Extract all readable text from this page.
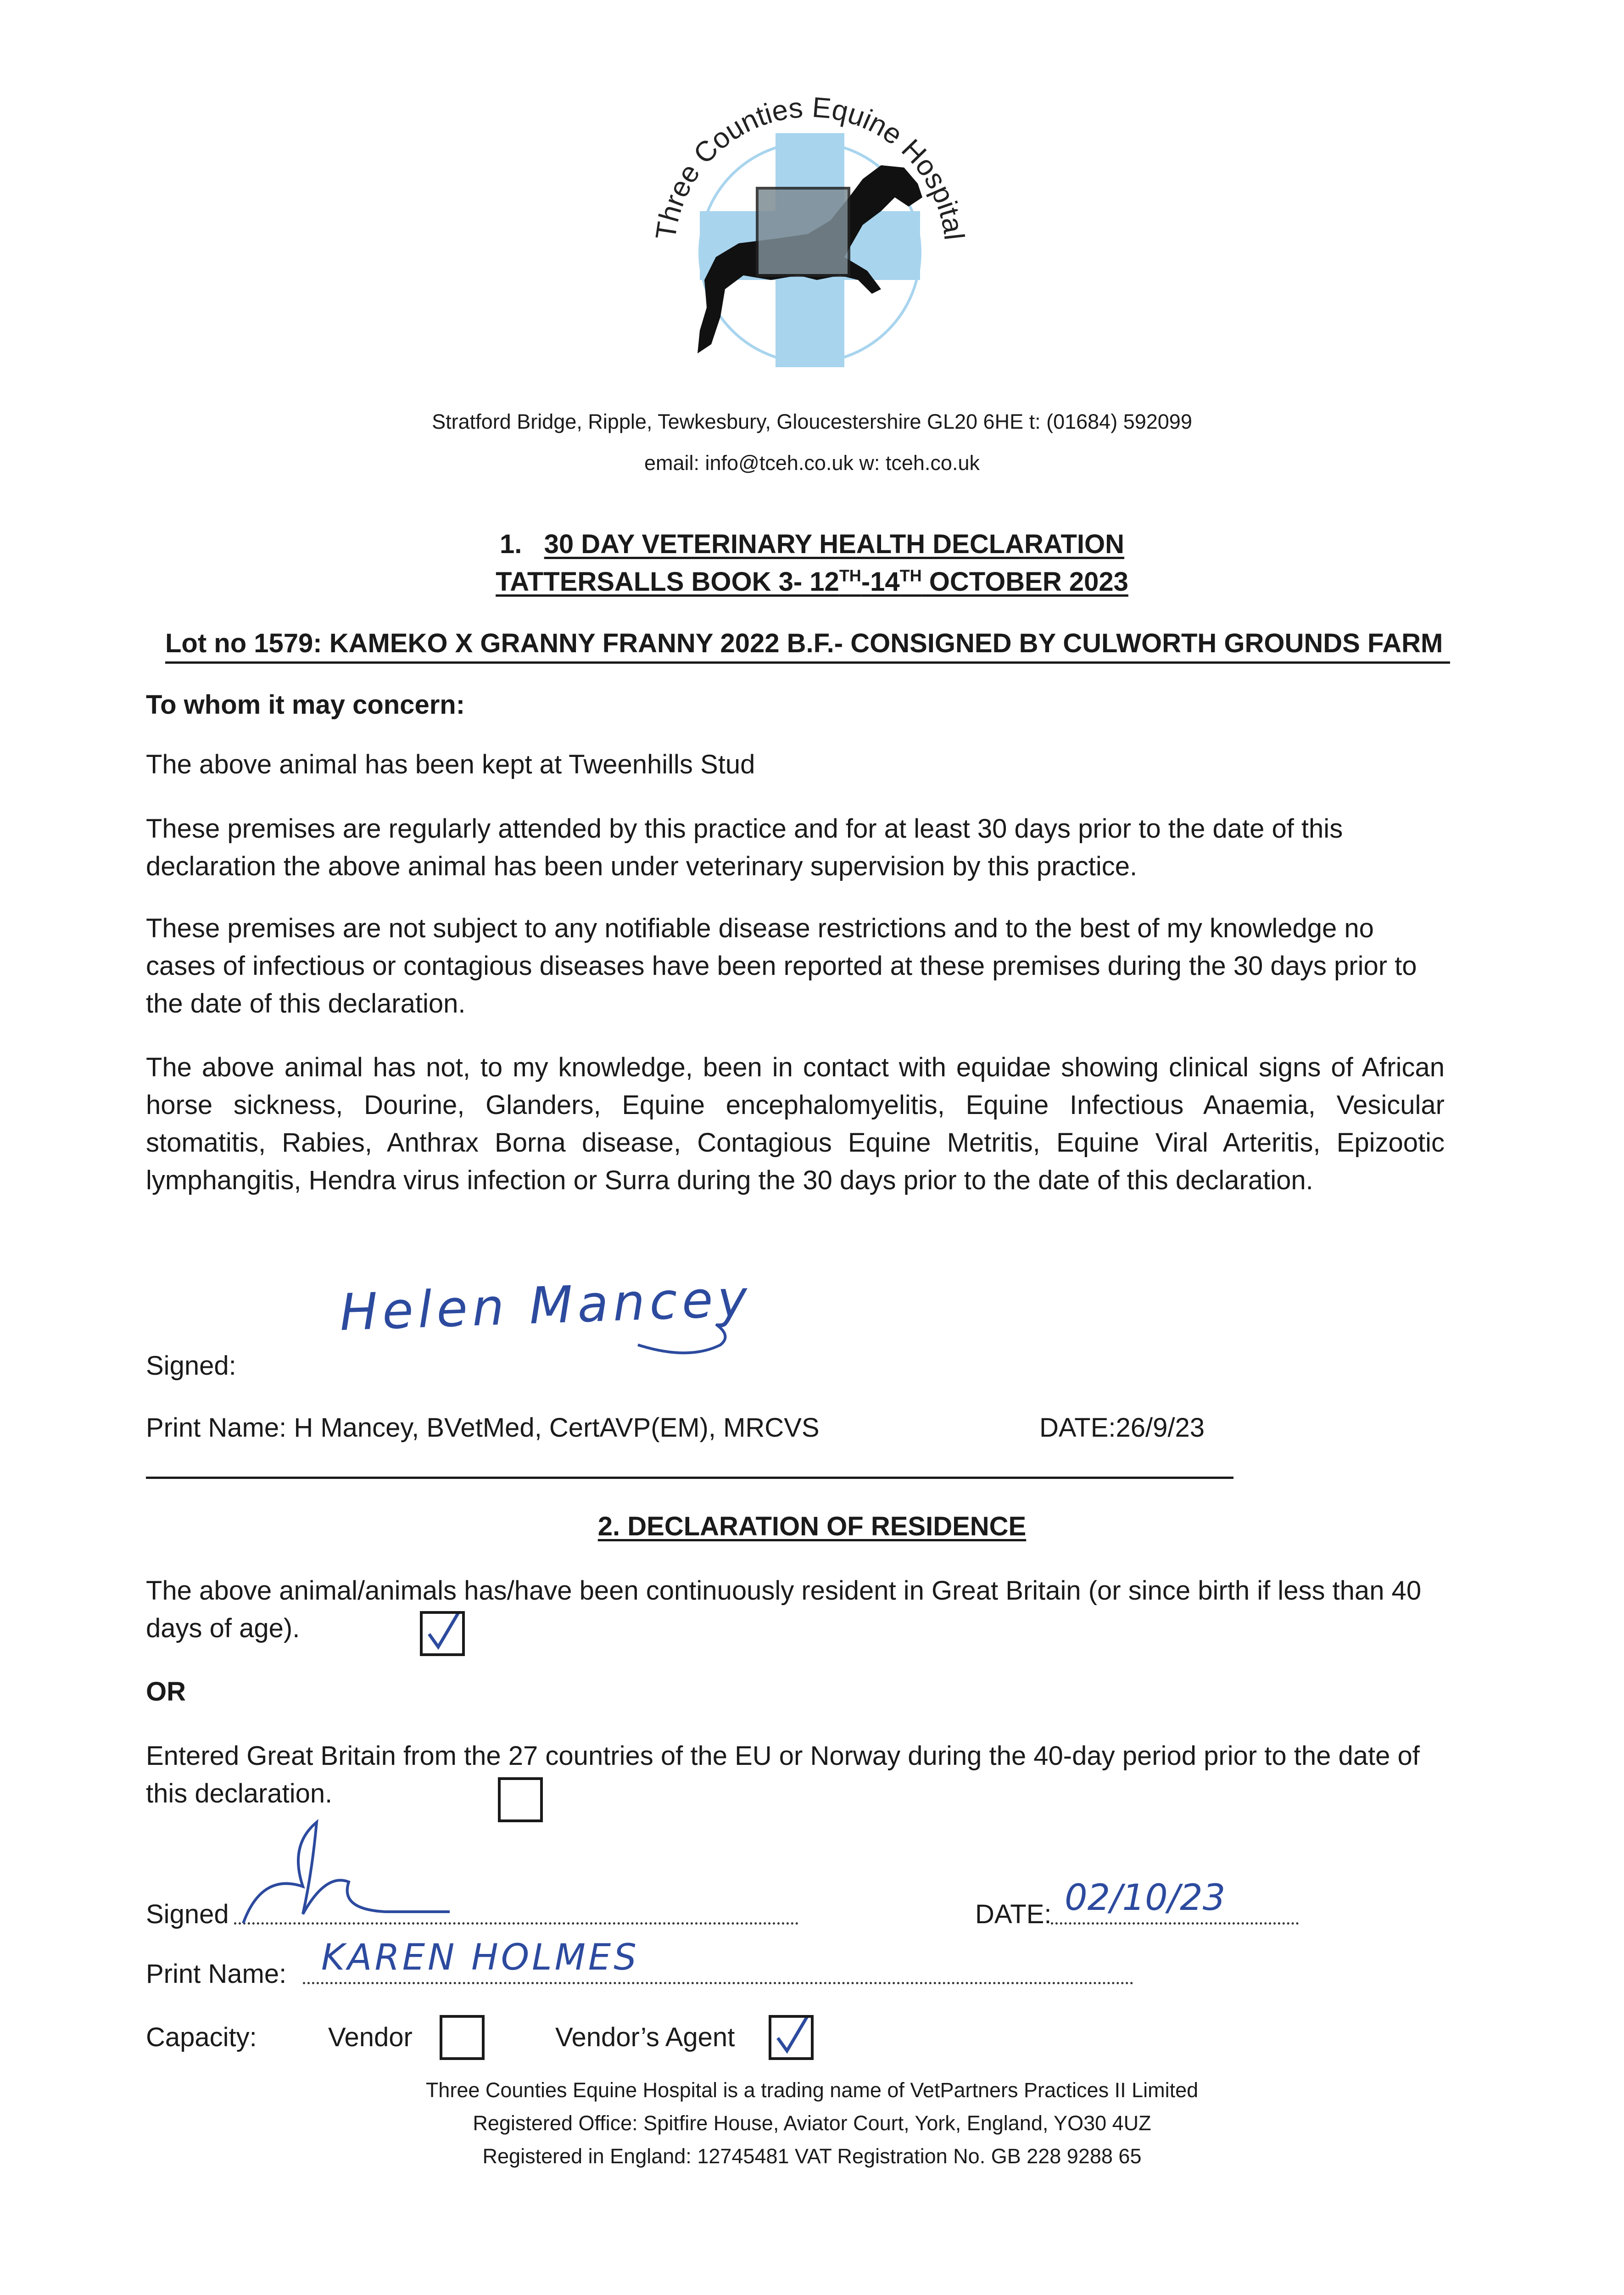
Three Counties Equine Hospital
Stratford Bridge, Ripple, Tewkesbury, Gloucestershire GL20 6HE t: (01684) 592099
email: info@tceh.co.uk w: tceh.co.uk
1. 30 DAY VETERINARY HEALTH DECLARATION
TATTERSALLS BOOK 3- 12TH-14TH OCTOBER 2023
Lot no 1579: KAMEKO X GRANNY FRANNY 2022 B.F.- CONSIGNED BY CULWORTH GROUNDS FARM
To whom it may concern:
The above animal has been kept at Tweenhills Stud
These premises are regularly attended by this practice and for at least 30 days prior to the date of this declaration the above animal has been under veterinary supervision by this practice.
These premises are not subject to any notifiable disease restrictions and to the best of my knowledge no cases of infectious or contagious diseases have been reported at these premises during the 30 days prior to the date of this declaration.
The above animal has not, to my knowledge, been in contact with equidae showing clinical signs of African horse sickness, Dourine, Glanders, Equine encephalomyelitis, Equine Infectious Anaemia, Vesicular stomatitis, Rabies, Anthrax Borna disease, Contagious Equine Metritis, Equine Viral Arteritis, Epizootic lymphangitis, Hendra virus infection or Surra during the 30 days prior to the date of this declaration.
Signed:
Helen Mancey
Print Name: H Mancey, BVetMed, CertAVP(EM), MRCVS	DATE:26/9/23
2. DECLARATION OF RESIDENCE
The above animal/animals has/have been continuously resident in Great Britain (or since birth if less than 40 days of age).
OR
Entered Great Britain from the 27 countries of the EU or Norway during the 40-day period prior to the date of this declaration.
Signed	DATE: 02/10/23
Print Name: KAREN HOLMES
Capacity:	Vendor	Vendor’s Agent
Three Counties Equine Hospital is a trading name of VetPartners Practices II Limited
Registered Office: Spitfire House, Aviator Court, York, England, YO30 4UZ
Registered in England: 12745481 VAT Registration No. GB 228 9288 65
